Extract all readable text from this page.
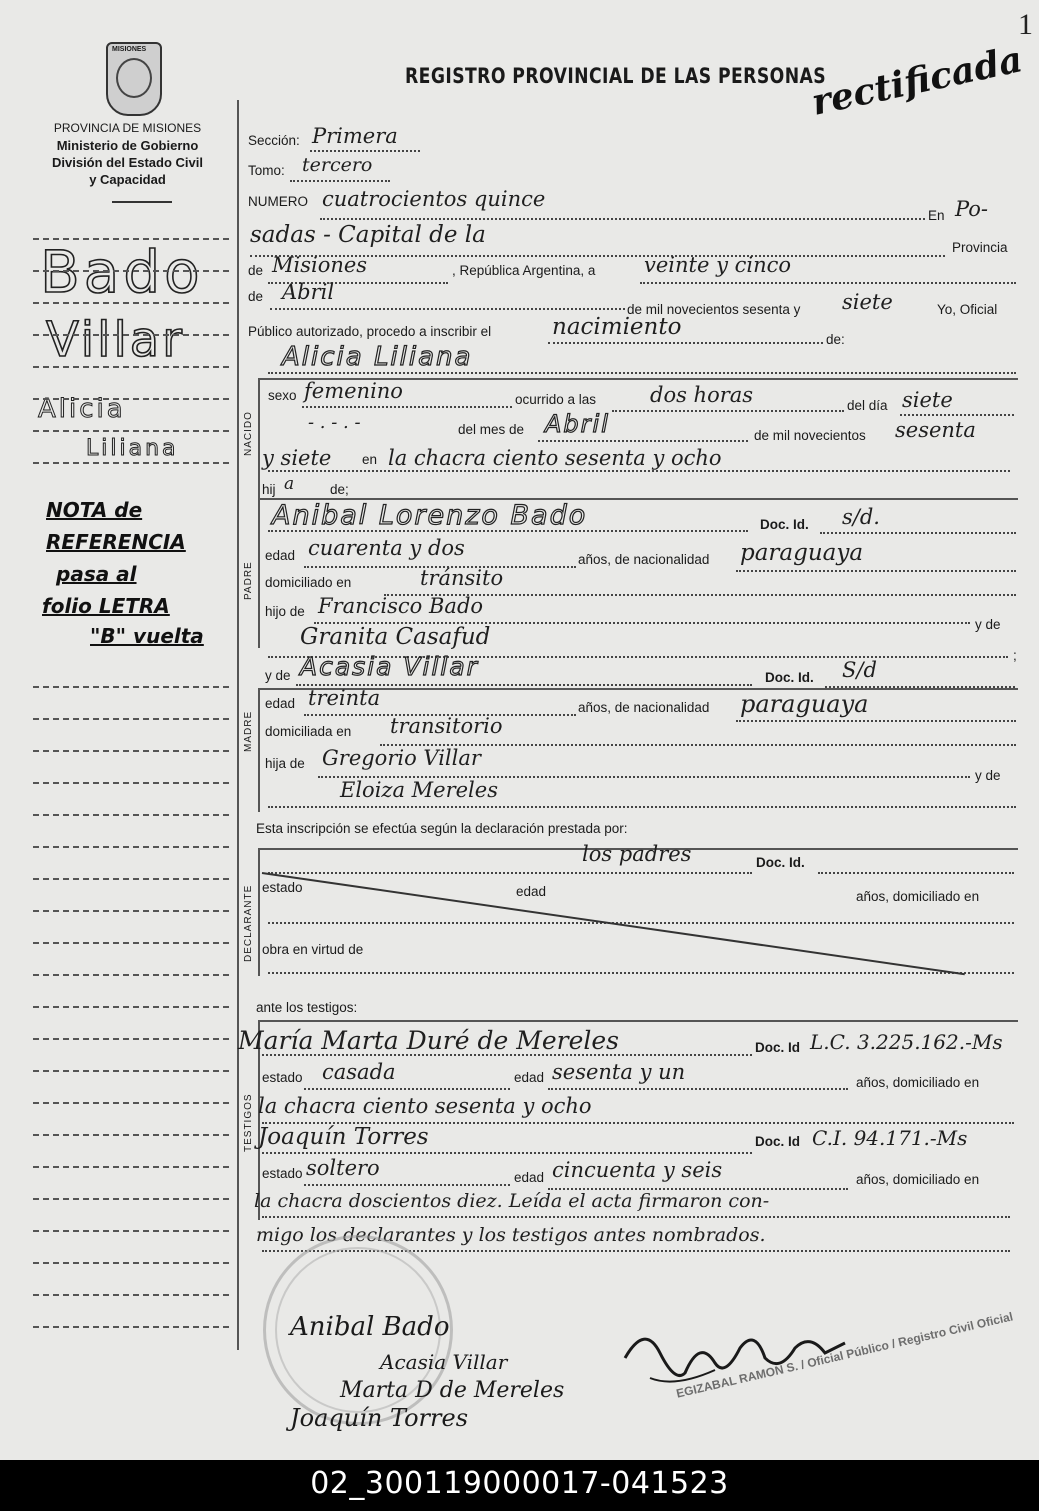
1
MISIONES
PROVINCIA DE MISIONES
Ministerio de Gobierno
División del Estado Civil
y Capacidad
Bado
Villar
Alicia
Liliana
NOTA de
REFERENCIA
pasa al
folio LETRA
"B" vuelta
REGISTRO PROVINCIAL DE LAS PERSONAS
rectificada
Sección: Primera
Tomo: tercero
NUMERO cuatrocientos quince
En Po-
sadas - Capital de la	Provincia
de Misiones	, República Argentina, a veinte y cinco
de Abril
de mil novecientos sesenta y siete	Yo, Oficial
Público autorizado, procedo a inscribir el	nacimiento	de:
Alicia Liliana
NACIDO
sexo femenino	ocurrido a las	dos horas	del día siete
- . - . -	del mes de Abril	de mil novecientos sesenta
y siete en la chacra ciento sesenta y ocho
hij a	de;
PADRE
Anibal Lorenzo Bado	Doc. Id. s/d.
edad cuarenta y dos	años, de nacionalidad paraguaya
domiciliado en	tránsito
hijo de Francisco Bado
y de
Granita Casafud
;
y de Acasia Villar	Doc. Id. S/d
MADRE
edad treinta	años, de nacionalidad paraguaya
domiciliada en transitorio
hija de Gregorio Villar
y de
Eloiza Mereles
Esta inscripción se efectúa según la declaración prestada por:
DECLARANTE
los padres	Doc. Id.
estado	edad	años, domiciliado en
obra en virtud de
ante los testigos:
TESTIGOS
María Marta Duré de Mereles	Doc. Id L.C. 3.225.162.-Ms
estado casada	edad sesenta y un	años, domiciliado en
la chacra ciento sesenta y ocho
Joaquín Torres	Doc. Id C.I. 94.171.-Ms
estado soltero	edad cincuenta y seis	años, domiciliado en
la chacra doscientos diez. Leída el acta firmaron con-
migo los declarantes y los testigos antes nombrados.
Anibal Bado
Acasia Villar
Marta D de Mereles
Joaquín Torres
EGIZABAL RAMON S. / Oficial Público / Registro Civil Oficial
02_300119000017-041523
